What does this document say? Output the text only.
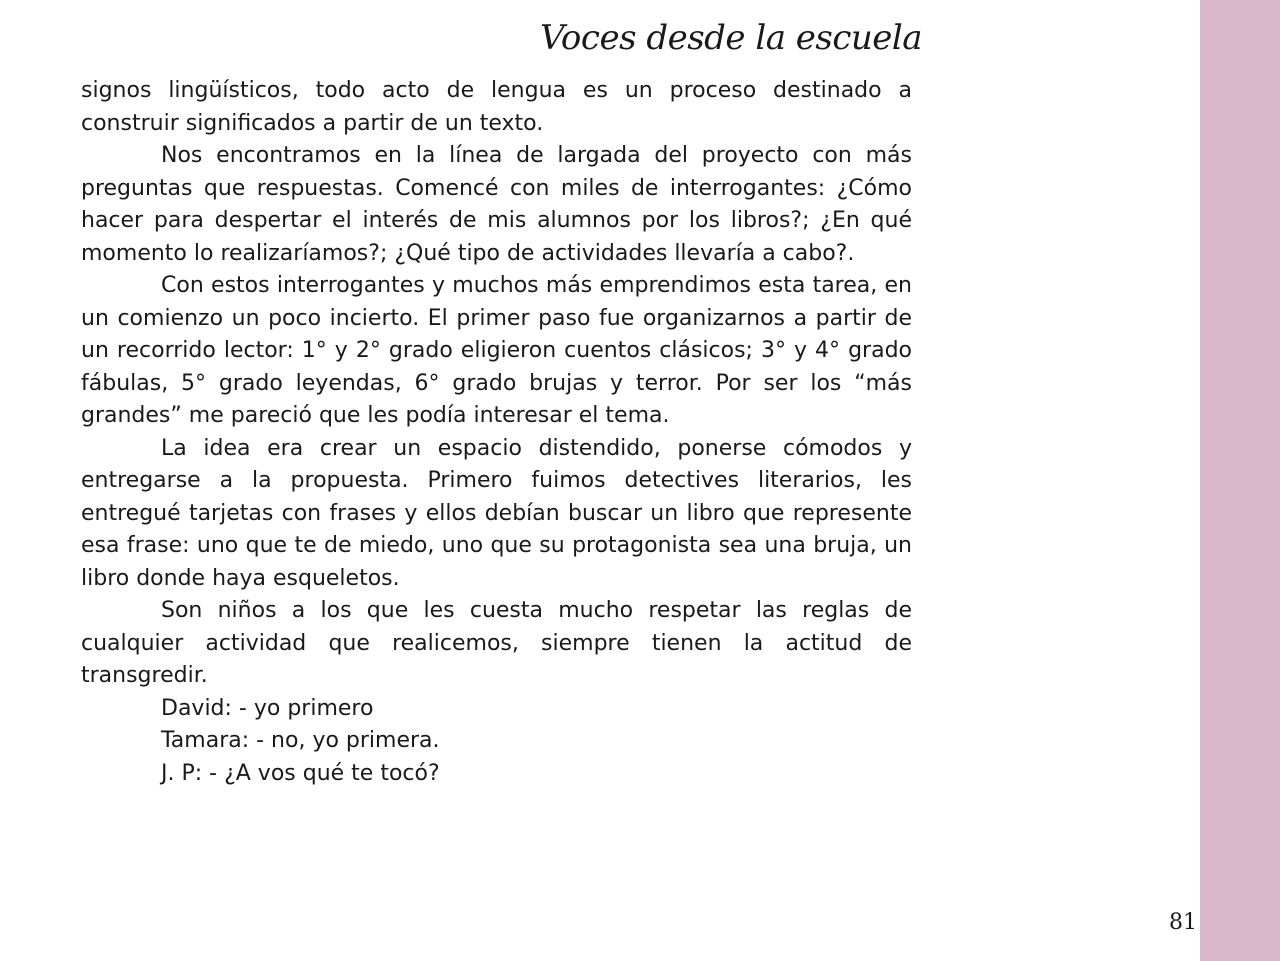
Voces desde la escuela

signos lingüísticos, todo acto de lengua es un proceso destinado a construir significados a partir de un texto.

Nos encontramos en la línea de largada del proyecto con más preguntas que respuestas. Comencé con miles de interrogantes: ¿Cómo hacer para despertar el interés de mis alumnos por los libros?; ¿En qué momento lo realizaríamos?; ¿Qué tipo de actividades llevaría a cabo?.

Con estos interrogantes y muchos más emprendimos esta tarea, en un comienzo un poco incierto. El primer paso fue organizarnos a partir de un recorrido lector: 1° y 2° grado eligieron cuentos clásicos; 3° y 4° grado fábulas, 5° grado leyendas, 6° grado brujas y terror. Por ser los “más grandes” me pareció que les podía interesar el tema.

La idea era crear un espacio distendido, ponerse cómodos y entregarse a la propuesta. Primero fuimos detectives literarios, les entregué tarjetas con frases y ellos debían buscar un libro que represente esa frase: uno que te de miedo, uno que su protagonista sea una bruja, un libro donde haya esqueletos.

Son niños a los que les cuesta mucho respetar las reglas de cualquier actividad que realicemos, siempre tienen la actitud de transgredir.

David: - yo primero

Tamara: - no, yo primera.

J. P: - ¿A vos qué te tocó?

81
